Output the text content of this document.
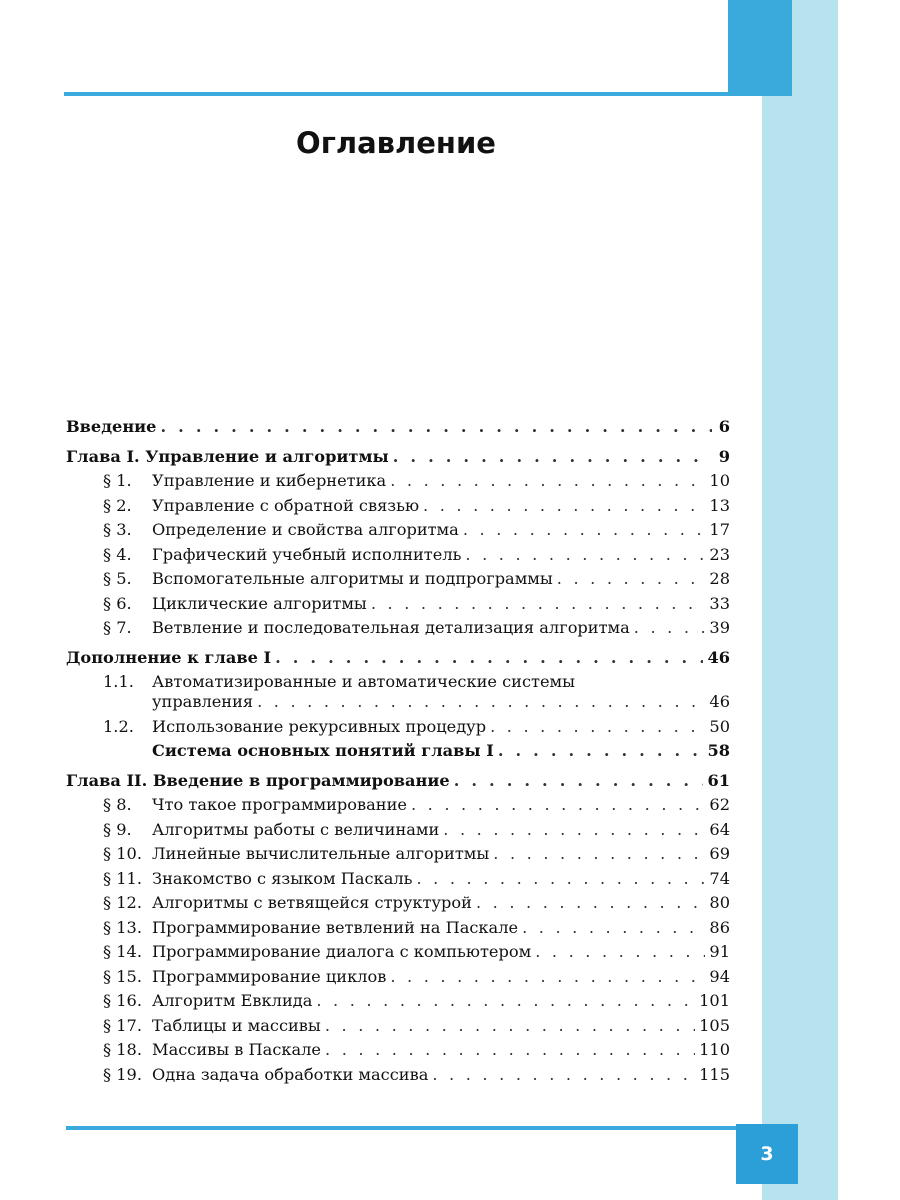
Оглавление
Введение . . .	6
Глава I. Управление и алгоритмы . . .	9
§ 1.	Управление и кибернетика . . .	10
§ 2.	Управление с обратной связью . . .	13
§ 3.	Определение и свойства алгоритма . . .	17
§ 4.	Графический учебный исполнитель . . .	23
§ 5.	Вспомогательные алгоритмы и подпрограммы . . .	28
§ 6.	Циклические алгоритмы . . .	33
§ 7.	Ветвление и последовательная детализация алгоритма . . .	39
Дополнение к главе I . . .	46
1.1.	Автоматизированные и автоматические системы
управления . . .	46
1.2.	Использование рекурсивных процедур . . .	50
Система основных понятий главы I . . .	58
Глава II. Введение в программирование . . .	61
§ 8.	Что такое программирование . . .	62
§ 9.	Алгоритмы работы с величинами . . .	64
§ 10. Линейные вычислительные алгоритмы . . .	69
§ 11. Знакомство с языком Паскаль . . .	74
§ 12. Алгоритмы с ветвящейся структурой . . .	80
§ 13. Программирование ветвлений на Паскале . . .	86
§ 14. Программирование диалога с компьютером . . .	91
§ 15. Программирование циклов . . .	94
§ 16. Алгоритм Евклида . . .	101
§ 17. Таблицы и массивы . . .	105
§ 18. Массивы в Паскале . . .	110
§ 19. Одна задача обработки массива . . .	115
3
